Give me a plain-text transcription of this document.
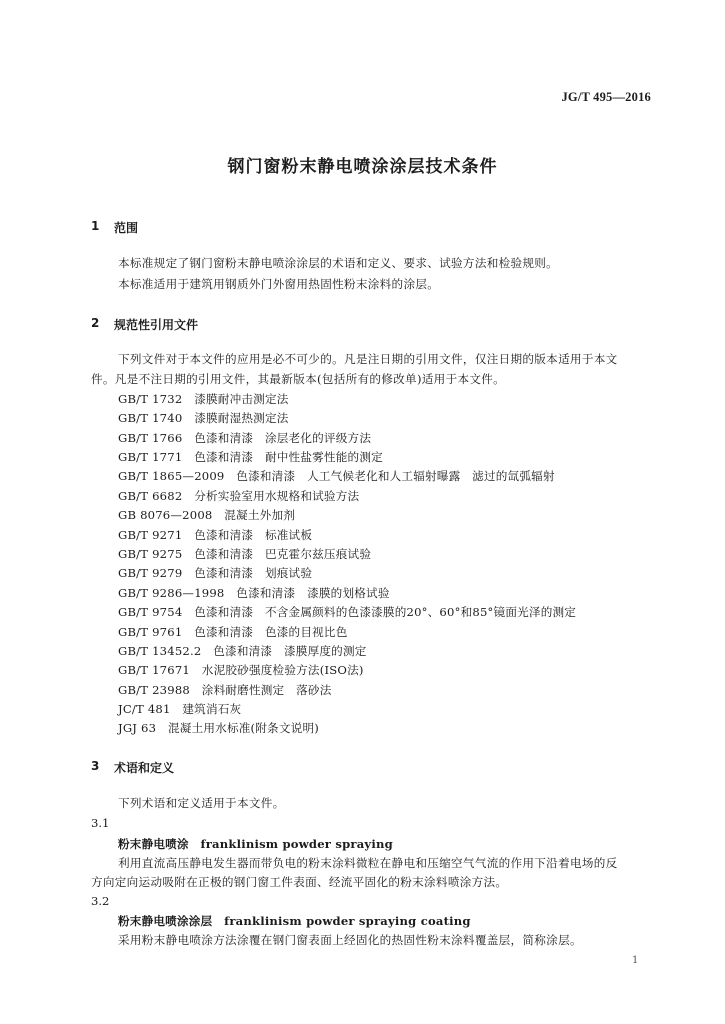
JG/T 495—2016
钢门窗粉末静电喷涂涂层技术条件
1 范围
本标准规定了钢门窗粉末静电喷涂涂层的术语和定义、要求、试验方法和检验规则。
本标准适用于建筑用钢质外门外窗用热固性粉末涂料的涂层。
2 规范性引用文件
下列文件对于本文件的应用是必不可少的。凡是注日期的引用文件，仅注日期的版本适用于本文
件。凡是不注日期的引用文件，其最新版本(包括所有的修改单)适用于本文件。
GB/T 1732　漆膜耐冲击测定法
GB/T 1740　漆膜耐湿热测定法
GB/T 1766　色漆和清漆　涂层老化的评级方法
GB/T 1771　色漆和清漆　耐中性盐雾性能的测定
GB/T 1865—2009　色漆和清漆　人工气候老化和人工辐射曝露　滤过的氙弧辐射
GB/T 6682　分析实验室用水规格和试验方法
GB 8076—2008　混凝土外加剂
GB/T 9271　色漆和清漆　标准试板
GB/T 9275　色漆和清漆　巴克霍尔兹压痕试验
GB/T 9279　色漆和清漆　划痕试验
GB/T 9286—1998　色漆和清漆　漆膜的划格试验
GB/T 9754　色漆和清漆　不含金属颜料的色漆漆膜的20°、60°和85°镜面光泽的测定
GB/T 9761　色漆和清漆　色漆的目视比色
GB/T 13452.2　色漆和清漆　漆膜厚度的测定
GB/T 17671　水泥胶砂强度检验方法(ISO法)
GB/T 23988　涂料耐磨性测定　落砂法
JC/T 481　建筑消石灰
JGJ 63　混凝土用水标准(附条文说明)
3 术语和定义
下列术语和定义适用于本文件。
3.1
粉末静电喷涂　franklinism powder spraying
利用直流高压静电发生器而带负电的粉末涂料微粒在静电和压缩空气气流的作用下沿着电场的反
方向定向运动吸附在正极的钢门窗工件表面、经流平固化的粉末涂料喷涂方法。
3.2
粉末静电喷涂涂层　franklinism powder spraying coating
采用粉末静电喷涂方法涂覆在钢门窗表面上经固化的热固性粉末涂料覆盖层，简称涂层。
1
